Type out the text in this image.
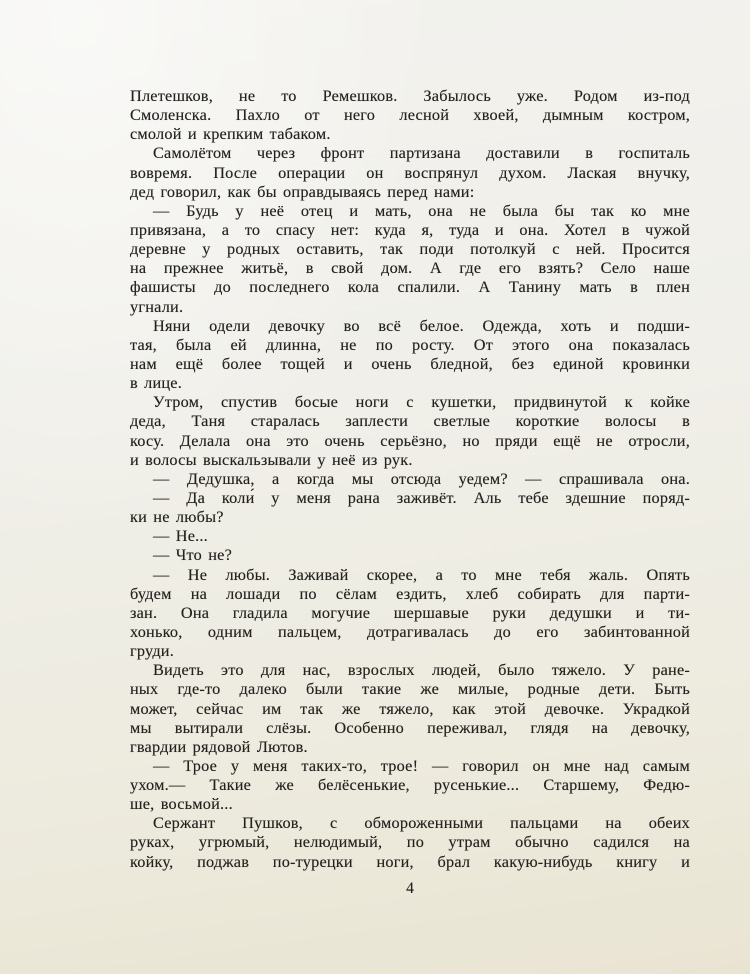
Плетешков, не то Ремешков. Забылось уже. Родом из-под
Смоленска. Пахло от него лесной хвоей, дымным костром,
смолой и крепким табаком.
Самолётом через фронт партизана доставили в госпиталь
вовремя. После операции он воспрянул духом. Лаская внучку,
дед говорил, как бы оправдываясь перед нами:
— Будь у неё отец и мать, она не была бы так ко мне
привязана, а то спасу нет: куда я, туда и она. Хотел в чужой
деревне у родных оставить, так поди потолкуй с ней. Просится
на прежнее житьё, в свой дом. А где его взять? Село наше
фашисты до последнего кола спалили. А Танину мать в плен
угнали.
Няни одели девочку во всё белое. Одежда, хоть и подши-
тая, была ей длинна, не по росту. От этого она показалась
нам ещё более тощей и очень бледной, без единой кровинки
в лице.
Утром, спустив босые ноги с кушетки, придвинутой к койке
деда, Таня старалась заплести светлые короткие волосы в
косу. Делала она это очень серьёзно, но пряди ещё не отросли,
и волосы выскальзывали у неё из рук.
— Дедушка, а когда мы отсюда уедем? — спрашивала она.
— Да коли́ у меня рана заживёт. Аль тебе здешние поряд-
ки не любы?
— Не...
— Что не?
— Не любы. Заживай скорее, а то мне тебя жаль. Опять
будем на лошади по сёлам ездить, хлеб собирать для парти-
зан. Она гладила могучие шершавые руки дедушки и ти-
хонько, одним пальцем, дотрагивалась до его забинтованной
груди.
Видеть это для нас, взрослых людей, было тяжело. У ране-
ных где-то далеко были такие же милые, родные дети. Быть
может, сейчас им так же тяжело, как этой девочке. Украдкой
мы вытирали слёзы. Особенно переживал, глядя на девочку,
гвардии рядовой Лютов.
— Трое у меня таких-то, трое! — говорил он мне над самым
ухом.— Такие же белёсенькие, русенькие... Старшему, Федю-
ше, восьмой...
Сержант Пушков, с обмороженными пальцами на обеих
руках, угрюмый, нелюдимый, по утрам обычно садился на
койку, поджав по-турецки ноги, брал какую-нибудь книгу и
4
